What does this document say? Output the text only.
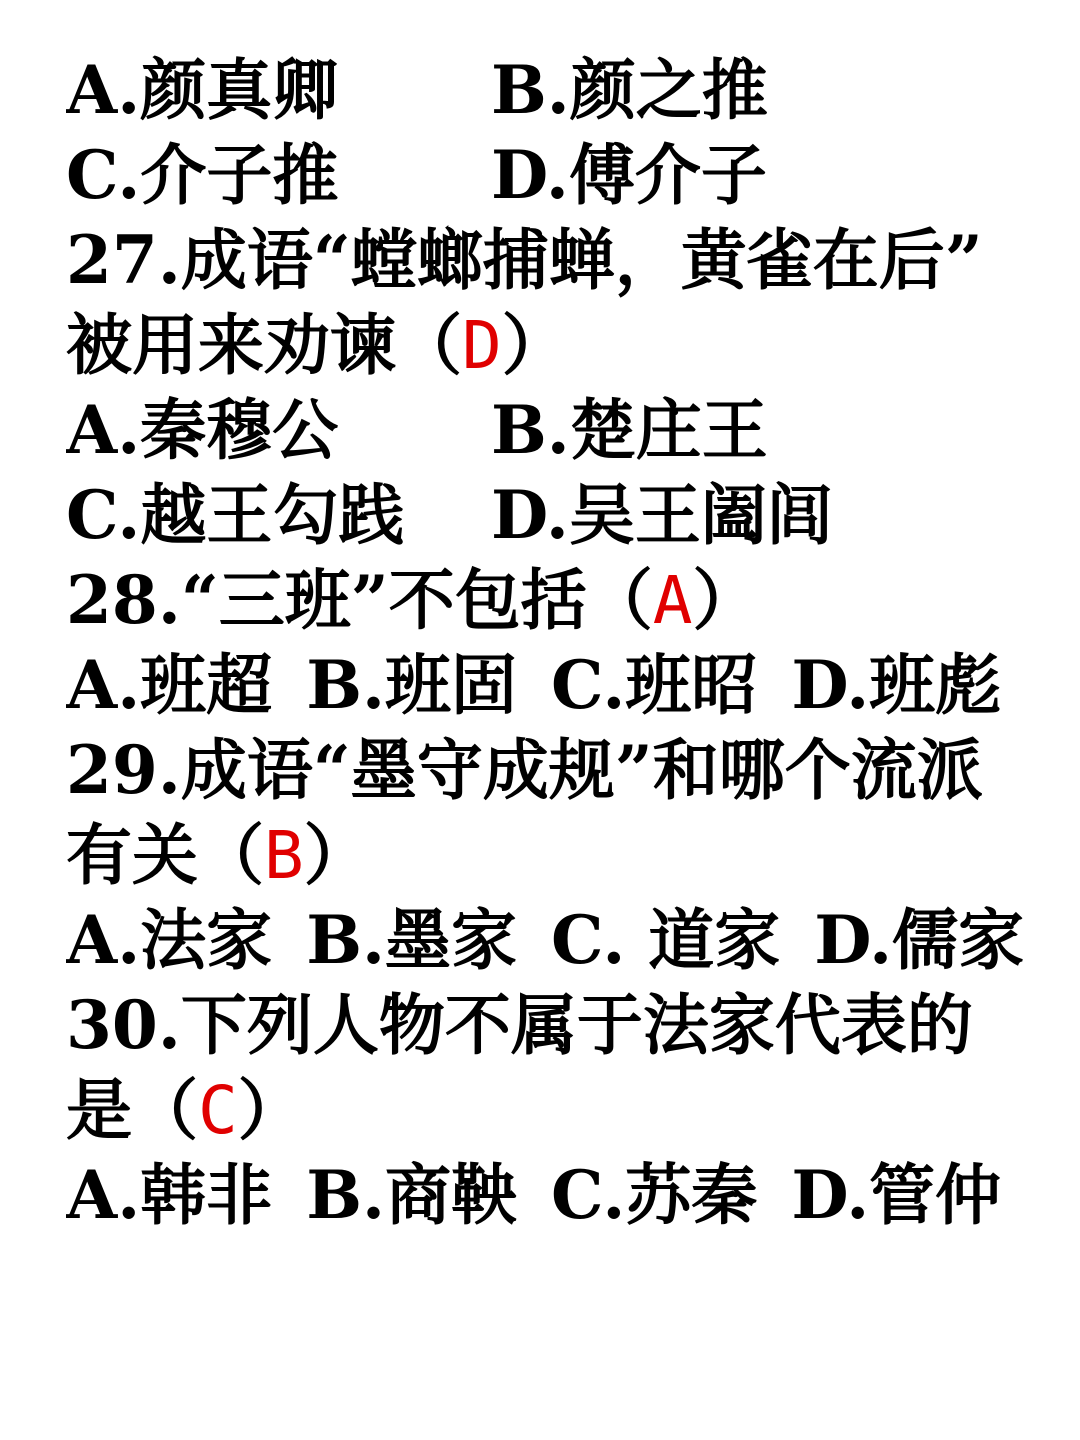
A.颜真卿	B.颜之推
C.介子推	D.傅介子
27.成语“螳螂捕蝉，黄雀在后”
被用来劝谏（D）
A.秦穆公	B.楚庄王
C.越王勾践	D.吴王阖闾
28.“三班”不包括（A）
A.班超 B.班固 C.班昭 D.班彪
29.成语“墨守成规”和哪个流派
有关（B）
A.法家 B.墨家 C. 道家 D.儒家
30.下列人物不属于法家代表的
是（C）
A.韩非 B.商鞅 C.苏秦 D.管仲
